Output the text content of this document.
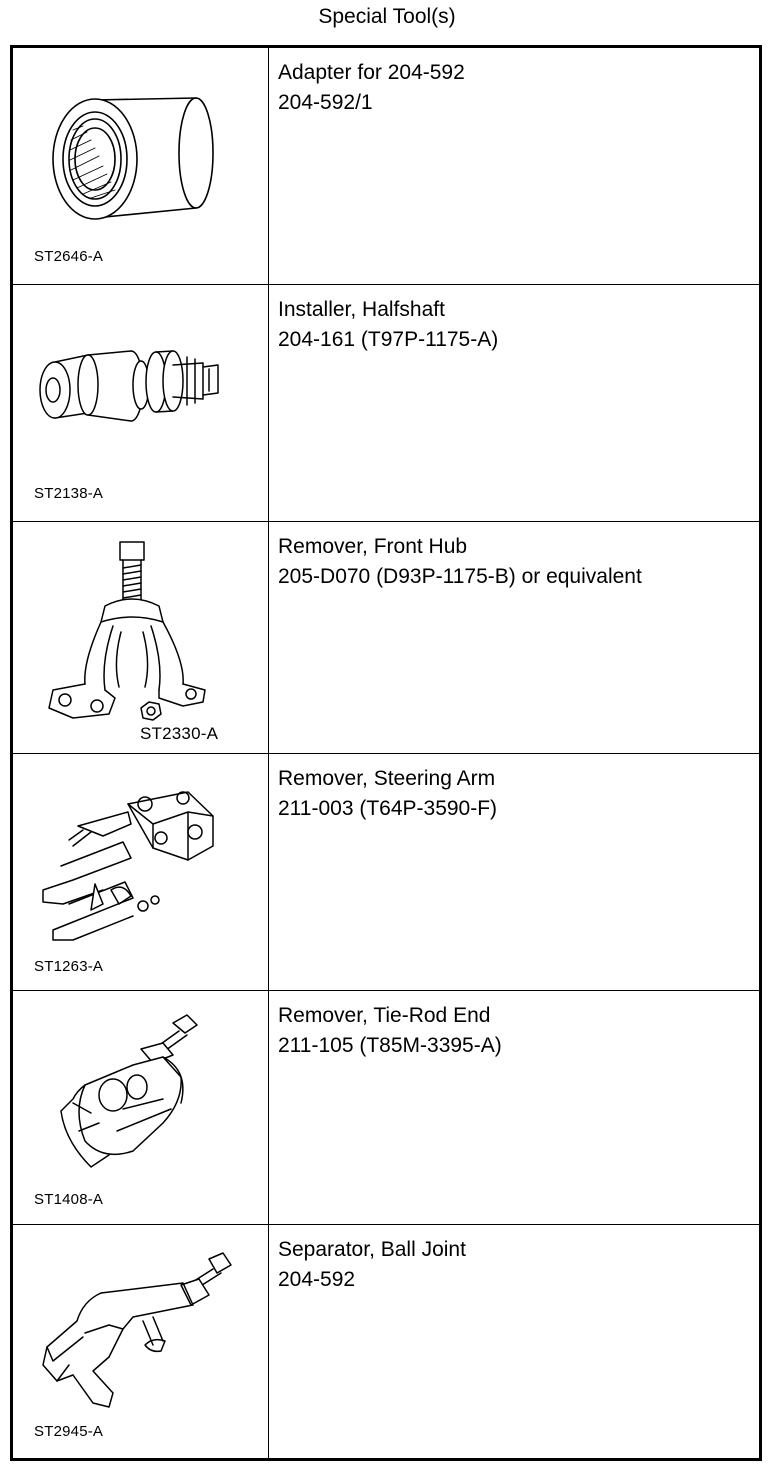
Special Tool(s)
ST2646-A
Adapter for 204-592
204-592/1
ST2138-A
Installer, Halfshaft
204-161 (T97P-1175-A)
ST2330-A
Remover, Front Hub
205-D070 (D93P-1175-B) or equivalent
ST1263-A
Remover, Steering Arm
211-003 (T64P-3590-F)
ST1408-A
Remover, Tie-Rod End
211-105 (T85M-3395-A)
ST2945-A
Separator, Ball Joint
204-592
